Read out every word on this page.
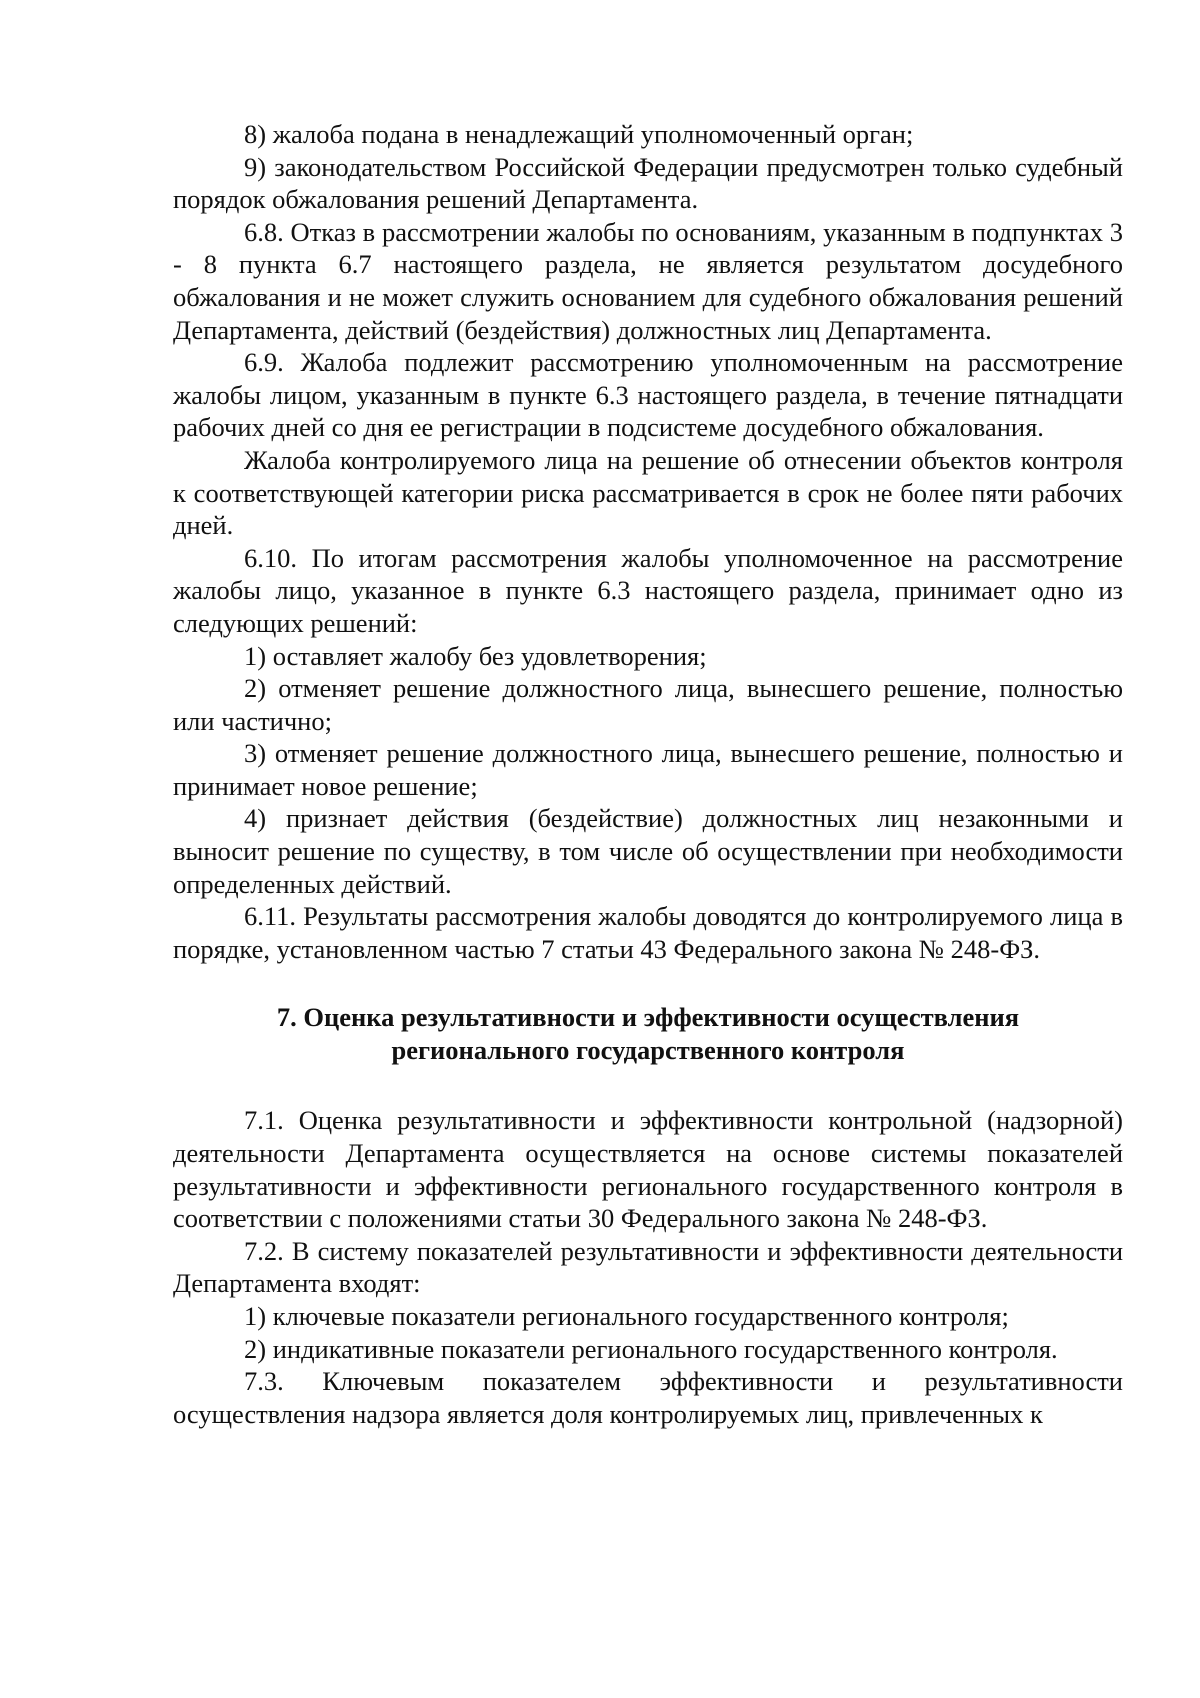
8) жалоба подана в ненадлежащий уполномоченный орган;

9) законодательством Российской Федерации предусмотрен только судебный порядок обжалования решений Департамента.

6.8. Отказ в рассмотрении жалобы по основаниям, указанным в подпунктах 3 - 8 пункта 6.7 настоящего раздела, не является результатом досудебного обжалования и не может служить основанием для судебного обжалования решений Департамента, действий (бездействия) должностных лиц Департамента.

6.9. Жалоба подлежит рассмотрению уполномоченным на рассмотрение жалобы лицом, указанным в пункте 6.3 настоящего раздела, в течение пятнадцати рабочих дней со дня ее регистрации в подсистеме досудебного обжалования.

Жалоба контролируемого лица на решение об отнесении объектов контроля к соответствующей категории риска рассматривается в срок не более пяти рабочих дней.

6.10. По итогам рассмотрения жалобы уполномоченное на рассмотрение жалобы лицо, указанное в пункте 6.3 настоящего раздела, принимает одно из следующих решений:

1) оставляет жалобу без удовлетворения;

2) отменяет решение должностного лица, вынесшего решение, полностью или частично;

3) отменяет решение должностного лица, вынесшего решение, полностью и принимает новое решение;

4) признает действия (бездействие) должностных лиц незаконными и выносит решение по существу, в том числе об осуществлении при необходимости определенных действий.

6.11. Результаты рассмотрения жалобы доводятся до контролируемого лица в порядке, установленном частью 7 статьи 43 Федерального закона № 248-ФЗ.

7. Оценка результативности и эффективности осуществления
регионального государственного контроля

7.1. Оценка результативности и эффективности контрольной (надзорной) деятельности Департамента осуществляется на основе системы показателей результативности и эффективности регионального государственного контроля в соответствии с положениями статьи 30 Федерального закона № 248-ФЗ.

7.2. В систему показателей результативности и эффективности деятельности Департамента входят:

1) ключевые показатели регионального государственного контроля;

2) индикативные показатели регионального государственного контроля.

7.3. Ключевым показателем эффективности и результативности осуществления надзора является доля контролируемых лиц, привлеченных к
